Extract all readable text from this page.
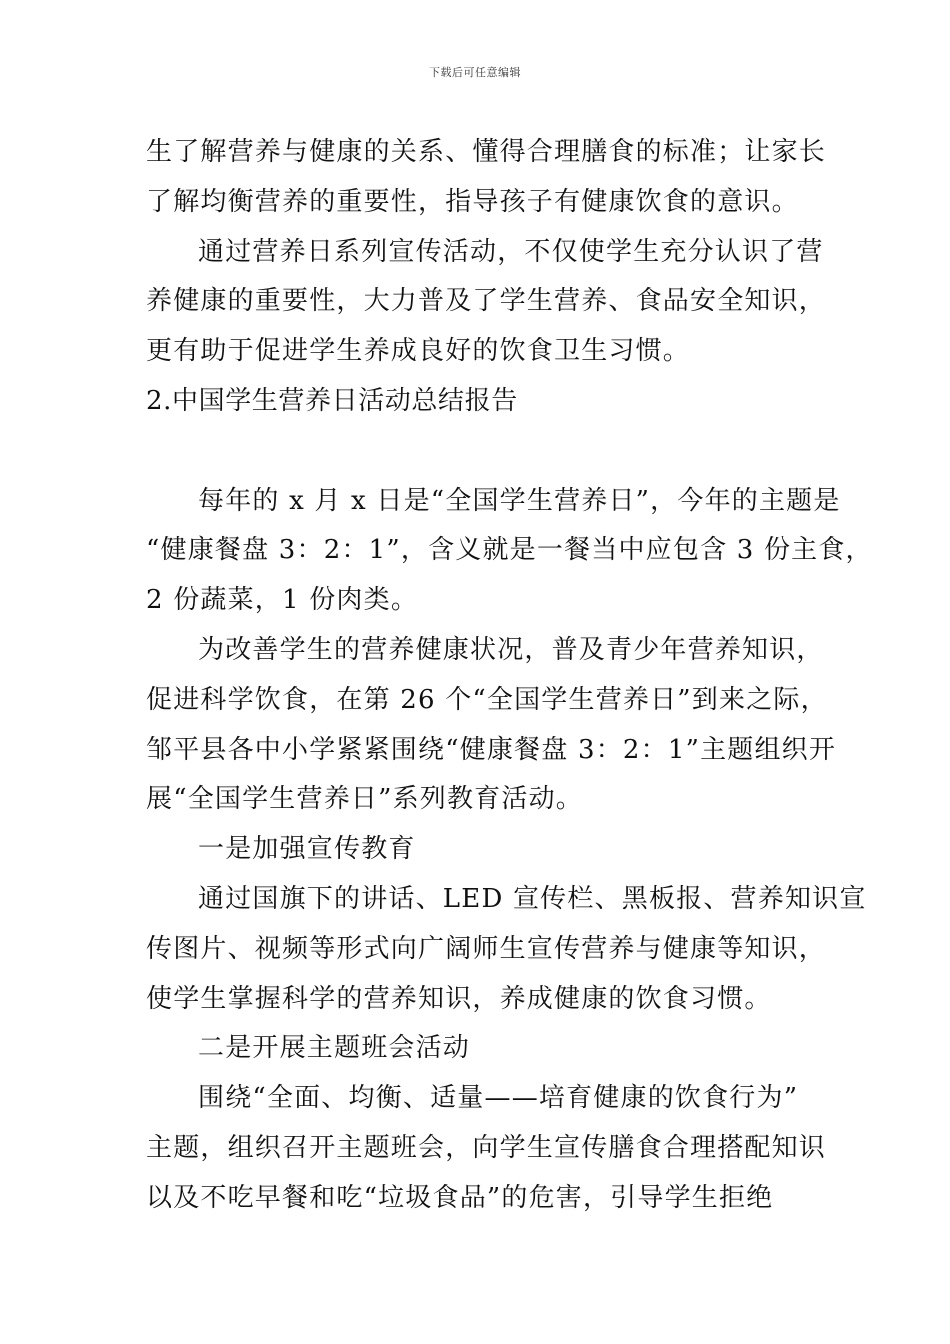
下载后可任意编辑
生了解营养与健康的关系、懂得合理膳食的标准；让家长
了解均衡营养的重要性，指导孩子有健康饮食的意识。
通过营养日系列宣传活动，不仅使学生充分认识了营
养健康的重要性，大力普及了学生营养、食品安全知识，
更有助于促进学生养成良好的饮食卫生习惯。
2.中国学生营养日活动总结报告
每年的 x 月 x 日是“全国学生营养日”，今年的主题是
“健康餐盘 3：2：1”，含义就是一餐当中应包含 3 份主食，
2 份蔬菜，1 份肉类。
为改善学生的营养健康状况，普及青少年营养知识，
促进科学饮食，在第 26 个“全国学生营养日”到来之际，
邹平县各中小学紧紧围绕“健康餐盘 3：2：1”主题组织开
展“全国学生营养日”系列教育活动。
一是加强宣传教育
通过国旗下的讲话、LED 宣传栏、黑板报、营养知识宣
传图片、视频等形式向广阔师生宣传营养与健康等知识，
使学生掌握科学的营养知识，养成健康的饮食习惯。
二是开展主题班会活动
围绕“全面、均衡、适量——培育健康的饮食行为”
主题，组织召开主题班会，向学生宣传膳食合理搭配知识
以及不吃早餐和吃“垃圾食品”的危害，引导学生拒绝
